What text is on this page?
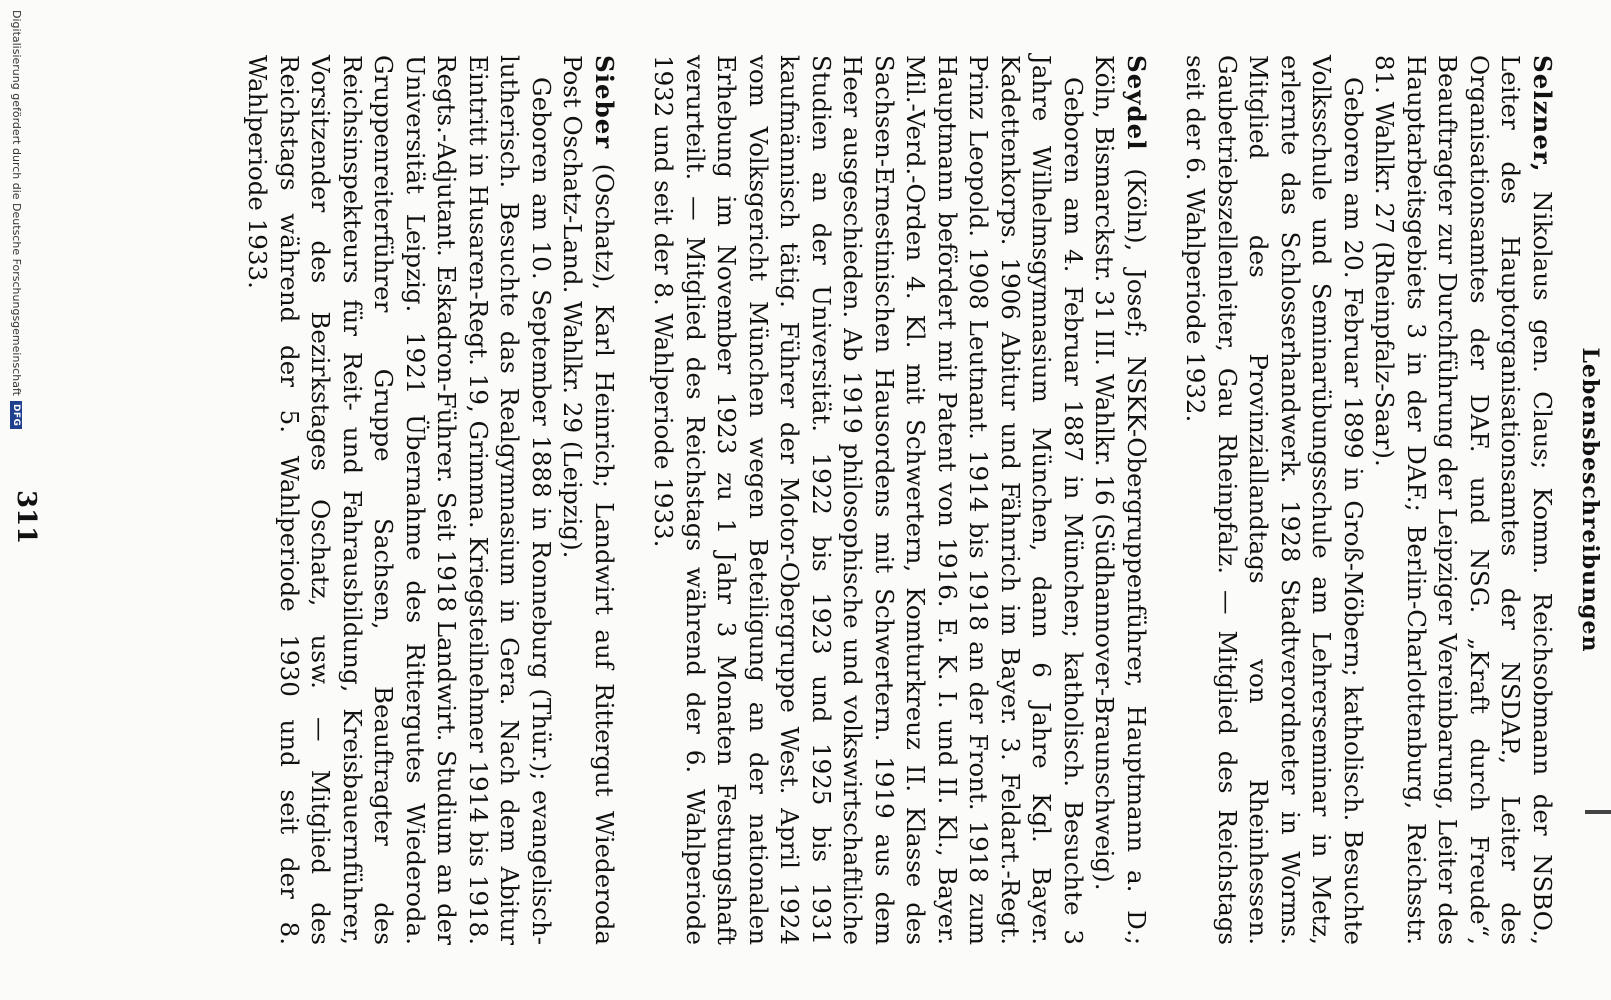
Lebensbeschreibungen

Selzner, Nikolaus gen. Claus; Komm. Reichsobmann der NSBO., Leiter des Hauptorganisationsamtes der NSDAP., Leiter des Organisationsamtes der DAF. und NSG. „Kraft durch Freude“, Beauftragter zur Durchführung der Leipziger Vereinbarung, Leiter des Hauptarbeitsgebiets 3 in der DAF.; Berlin-Charlottenburg, Reichsstr. 81. Wahlkr. 27 (Rheinpfalz-Saar).

Geboren am 20. Februar 1899 in Groß-Möbern; katholisch. Besuchte Volksschule und Seminarübungsschule am Lehrerseminar in Metz, erlernte das Schlosserhandwerk. 1928 Stadtverordneter in Worms. Mitglied des Provinziallandtags von Rheinhessen. Gaubetriebszellenleiter, Gau Rheinpfalz. — Mitglied des Reichstags seit der 6. Wahlperiode 1932.

Seydel (Köln), Josef; NSKK-Obergruppenführer, Hauptmann a. D.; Köln, Bismarckstr. 31 III. Wahlkr. 16 (Südhannover-Braunschweig).

Geboren am 4. Februar 1887 in München; katholisch. Besuchte 3 Jahre Wilhelmsgymnasium München, dann 6 Jahre Kgl. Bayer. Kadettenkorps. 1906 Abitur und Fähnrich im Bayer. 3. Feldart.-Regt. Prinz Leopold. 1908 Leutnant. 1914 bis 1918 an der Front. 1918 zum Hauptmann befördert mit Patent von 1916. E. K. I. und II. Kl., Bayer. Mil.-Verd.-Orden 4. Kl. mit Schwertern, Komturkreuz II. Klasse des Sachsen-Ernestinischen Hausordens mit Schwertern. 1919 aus dem Heer ausgeschieden. Ab 1919 philosophische und volkswirtschaftliche Studien an der Universität. 1922 bis 1923 und 1925 bis 1931 kaufmännisch tätig. Führer der Motor-Obergruppe West. April 1924 vom Volksgericht München wegen Beteiligung an der nationalen Erhebung im November 1923 zu 1 Jahr 3 Monaten Festungshaft verurteilt. — Mitglied des Reichstags während der 6. Wahlperiode 1932 und seit der 8. Wahlperiode 1933.

Sieber (Oschatz), Karl Heinrich; Landwirt auf Rittergut Wiederoda Post Oschatz-Land. Wahlkr. 29 (Leipzig).

Geboren am 10. September 1888 in Ronneburg (Thür.); evangelisch-lutherisch. Besuchte das Realgymnasium in Gera. Nach dem Abitur Eintritt in Husaren-Regt. 19, Grimma. Kriegsteilnehmer 1914 bis 1918. Regts.-Adjutant. Eskadron-Führer. Seit 1918 Landwirt. Studium an der Universität Leipzig. 1921 Übernahme des Rittergutes Wiederoda. Gruppenreiterführer Gruppe Sachsen, Beauftragter des Reichsinspekteurs für Reit- und Fahrausbildung, Kreisbauernführer, Vorsitzender des Bezirkstages Oschatz, usw. — Mitglied des Reichstags während der 5. Wahlperiode 1930 und seit der 8. Wahlperiode 1933.

311

Digitalisierung gefördert durch die Deutsche Forschungsgemeinschaft
DFG
